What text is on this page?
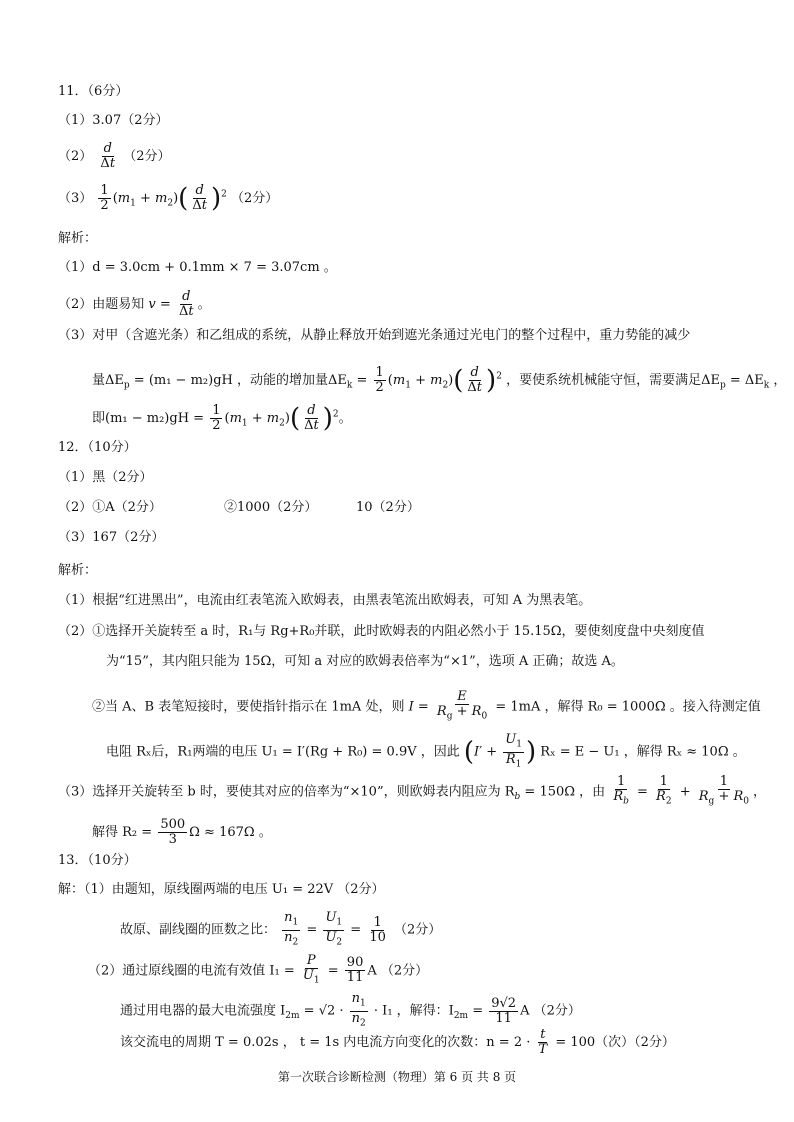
11．（6分）
（1）3.07（2分）
$(2) \frac{d}{\Delta t} (2$分）
$(3) \frac{1}{2} (m_1 + m_2)( \frac{d}{\Delta t} )^2$ （2分）
解析：
（1）d = 3.0cm + 0.1mm × 7 = 3.07cm 。
（2）由题易知 $v = \frac{d}{\Delta t}$ 。
（3）对甲（含遮光条）和乙组成的系统，从静止释放开始到遮光条通过光电门的整个过程中，重力势能的减少
量$\Delta E_p = (m_1 - m_2)gH$ ，动能的增加量$\Delta E_k = \frac{1}{2} (m_1 + m_2)( \frac{d}{\Delta t} )^2$ ，要使系统机械能守恒，需要满足$\Delta E_p = \Delta E_k$ ，
即$(m_1 - m_2)gH = \frac{1}{2} (m_1 + m_2)( \frac{d}{\Delta t} )^2$。
12．（10分）
（1）黑（2分）
（2）①A（2分）	②1000（2分）	10（2分）
（3）167（2分）
解析：
（1）根据“红进黑出”，电流由红表笔流入欧姆表，由黑表笔流出欧姆表，可知 A 为黑表笔。
（2）①选择开关旋转至 a 时，R₁与 Rg+R₀并联，此时欧姆表的内阻必然小于 15.15Ω，要使刻度盘中央刻度值
为“15”，其内阻只能为 15Ω，可知 a 对应的欧姆表倍率为“×1”，选项 A 正确；故选 A。
②当 A、B 表笔短接时，要使指针指示在 1mA 处，则 $I = \frac{E}{R_g + R_0} = 1mA$ ，解得 R₀ = 1000Ω 。接入待测定值
电阻 Rₓ后，R₁两端的电压 U₁ = I′(Rg + R₀) = 0.9V ，因此 ($I' + \frac{U_1}{R_1}$ ) Rₓ = E − U₁ ，解得 Rₓ ≈ 10Ω 。
（3）选择开关旋转至 b 时，要使其对应的倍率为“×10”，则欧姆表内阻应为 $R_b = 150\Omega$ ，由 $\frac{1}{R_b} = \frac{1}{R_2} + \frac{1}{R_g + R_0}$ ，
解得 $R_2 = \frac{500}{3}$ Ω ≈ 167Ω 。
13．（10分）
解：（1）由题知，原线圈两端的电压 U₁ = 22V （2分）
故原、副线圈的匝数之比： $\frac{n_1}{n_2} = \frac{U_1}{U_2} = \frac{1}{10} (2$分）
（2）通过原线圈的电流有效值 $I_1 = \frac{P}{U_1} = \frac{90}{11}$ A （2分）
通过用电器的最大电流强度 $I_{2m} = √2 \cdot \frac{n_1}{n_2} \cdot I_1$ ，解得：$I_{2m} = \frac{9√2}{11}$ A （2分）
该交流电的周期 T = 0.02s ， t = 1s 内电流方向变化的次数：$n = 2 \cdot \frac{t}{T} = 100$（次）（2分）
第一次联合诊断检测（物理）第 6 页 共 8 页
